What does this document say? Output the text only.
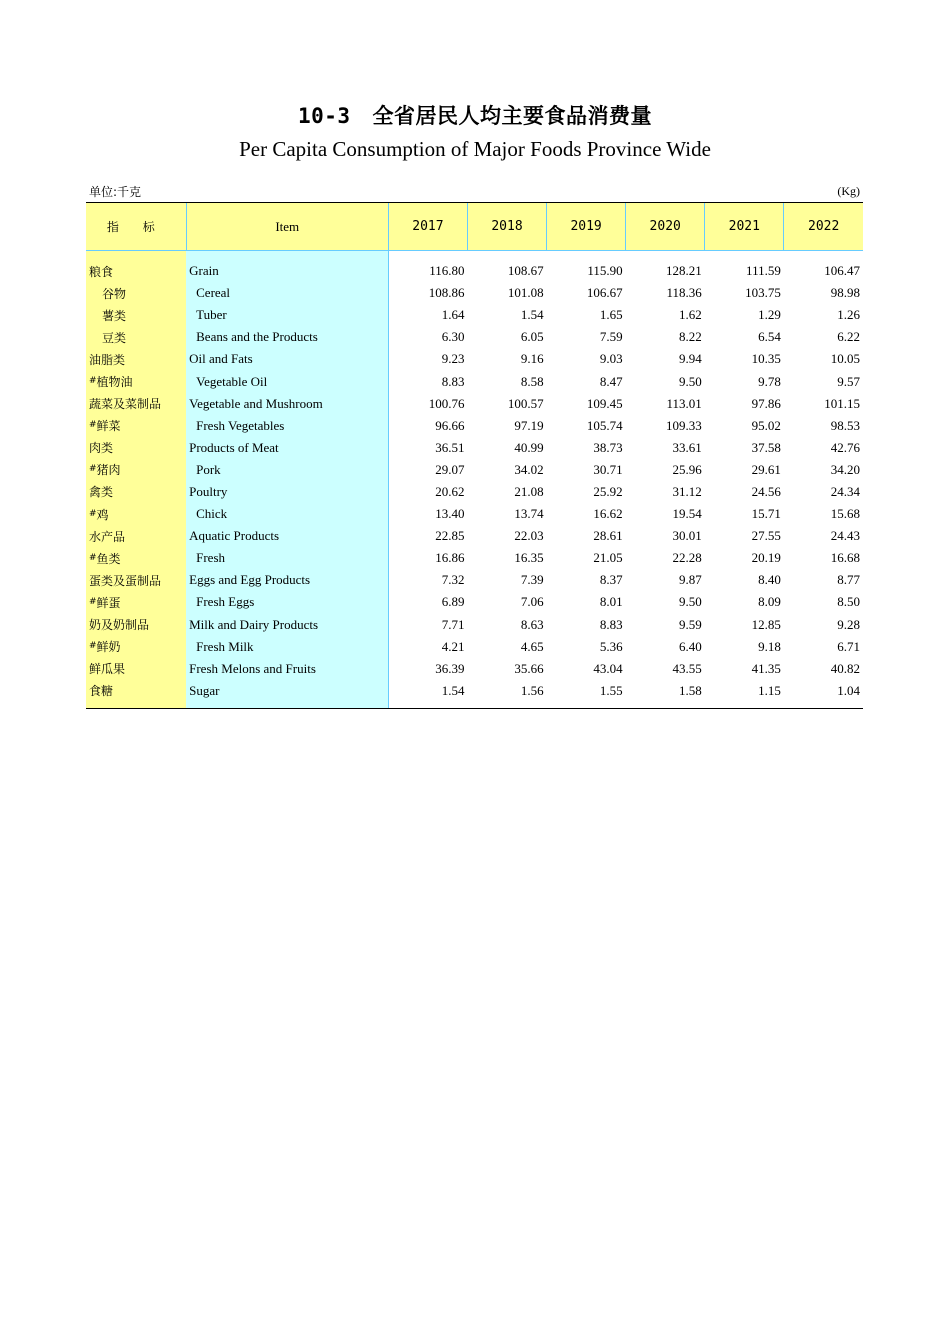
10-3 全省居民人均主要食品消费量
Per Capita Consumption of Major Foods Province Wide
单位:千克	(Kg)
指 标	Item	2017	2018	2019	2020	2021	2022

粮食	Grain	116.80	108.67	115.90	128.21	111.59	106.47
谷物	Cereal	108.86	101.08	106.67	118.36	103.75	98.98
薯类	Tuber	1.64	1.54	1.65	1.62	1.29	1.26
豆类	Beans and the Products	6.30	6.05	7.59	8.22	6.54	6.22
油脂类	Oil and Fats	9.23	9.16	9.03	9.94	10.35	10.05
#植物油	Vegetable Oil	8.83	8.58	8.47	9.50	9.78	9.57
蔬菜及菜制品	Vegetable and Mushroom	100.76	100.57	109.45	113.01	97.86	101.15
#鲜菜	Fresh Vegetables	96.66	97.19	105.74	109.33	95.02	98.53
肉类	Products of Meat	36.51	40.99	38.73	33.61	37.58	42.76
#猪肉	Pork	29.07	34.02	30.71	25.96	29.61	34.20
禽类	Poultry	20.62	21.08	25.92	31.12	24.56	24.34
#鸡	Chick	13.40	13.74	16.62	19.54	15.71	15.68
水产品	Aquatic Products	22.85	22.03	28.61	30.01	27.55	24.43
#鱼类	Fresh	16.86	16.35	21.05	22.28	20.19	16.68
蛋类及蛋制品	Eggs and Egg Products	7.32	7.39	8.37	9.87	8.40	8.77
#鲜蛋	Fresh Eggs	6.89	7.06	8.01	9.50	8.09	8.50
奶及奶制品	Milk and Dairy Products	7.71	8.63	8.83	9.59	12.85	9.28
#鲜奶	Fresh Milk	4.21	4.65	5.36	6.40	9.18	6.71
鲜瓜果	Fresh Melons and Fruits	36.39	35.66	43.04	43.55	41.35	40.82
食糖	Sugar	1.54	1.56	1.55	1.58	1.15	1.04
